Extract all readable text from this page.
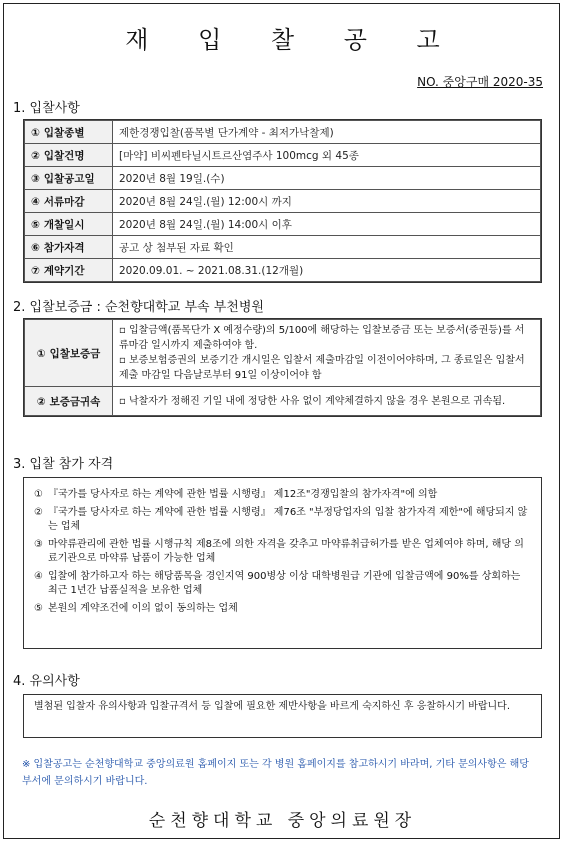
재 입 찰 공 고
NO. 중앙구매 2020-35
1. 입찰사항
① 입찰종별	제한경쟁입찰(품목별 단가계약 - 최저가낙찰제)
② 입찰건명	[마약] 비씨펜타닐시트르산염주사 100mcg 외 45종
③ 입찰공고일	2020년 8월 19일.(수)
④ 서류마감	2020년 8월 24일.(월) 12:00시 까지
⑤ 개찰일시	2020년 8월 24일.(월) 14:00시 이후
⑥ 참가자격	공고 상 첨부된 자료 확인
⑦ 계약기간	2020.09.01. ~ 2021.08.31.(12개월)
2. 입찰보증금 : 순천향대학교 부속 부천병원
① 입찰보증금	▫ 입찰금액(품목단가 X 예정수량)의 5/100에 해당하는 입찰보증금 또는 보증서(증권등)를 서류마감 일시까지 제출하여야 함.
▫ 보증보험증권의 보증기간 개시일은 입찰서 제출마감일 이전이어야하며, 그 종료일은 입찰서 제출 마감일 다음날로부터 91일 이상이어야 함

② 보증금귀속	▫ 낙찰자가 정해진 기일 내에 정당한 사유 없이 계약체결하지 않을 경우 본원으로 귀속됨.
3. 입찰 참가 자격
① 『국가를 당사자로 하는 계약에 관한 법률 시행령』 제12조"경쟁입찰의 참가자격"에 의함
② 『국가를 당사자로 하는 계약에 관한 법률 시행령』 제76조 "부정당업자의 입찰 참가자격 제한"에 해당되지 않는 업체
③ 마약류관리에 관한 법률 시행규칙 제8조에 의한 자격을 갖추고 마약류취급허가를 받은 업체여야 하며, 해당 의료기관으로 마약류 납품이 가능한 업체
④ 입찰에 참가하고자 하는 해당품목을 경인지역 900병상 이상 대학병원급 기관에 입찰금액에 90%를 상회하는 최근 1년간 납품실적을 보유한 업체
⑤ 본원의 계약조건에 이의 없이 동의하는 업체
4. 유의사항
별첨된 입찰자 유의사항과 입찰규격서 등 입찰에 필요한 제반사항을 바르게 숙지하신 후 응찰하시기 바랍니다.
※ 입찰공고는 순천향대학교 중앙의료원 홈페이지 또는 각 병원 홈페이지를 참고하시기 바라며, 기타 문의사항은 해당부서에 문의하시기 바랍니다.
순천향대학교 중앙의료원장
